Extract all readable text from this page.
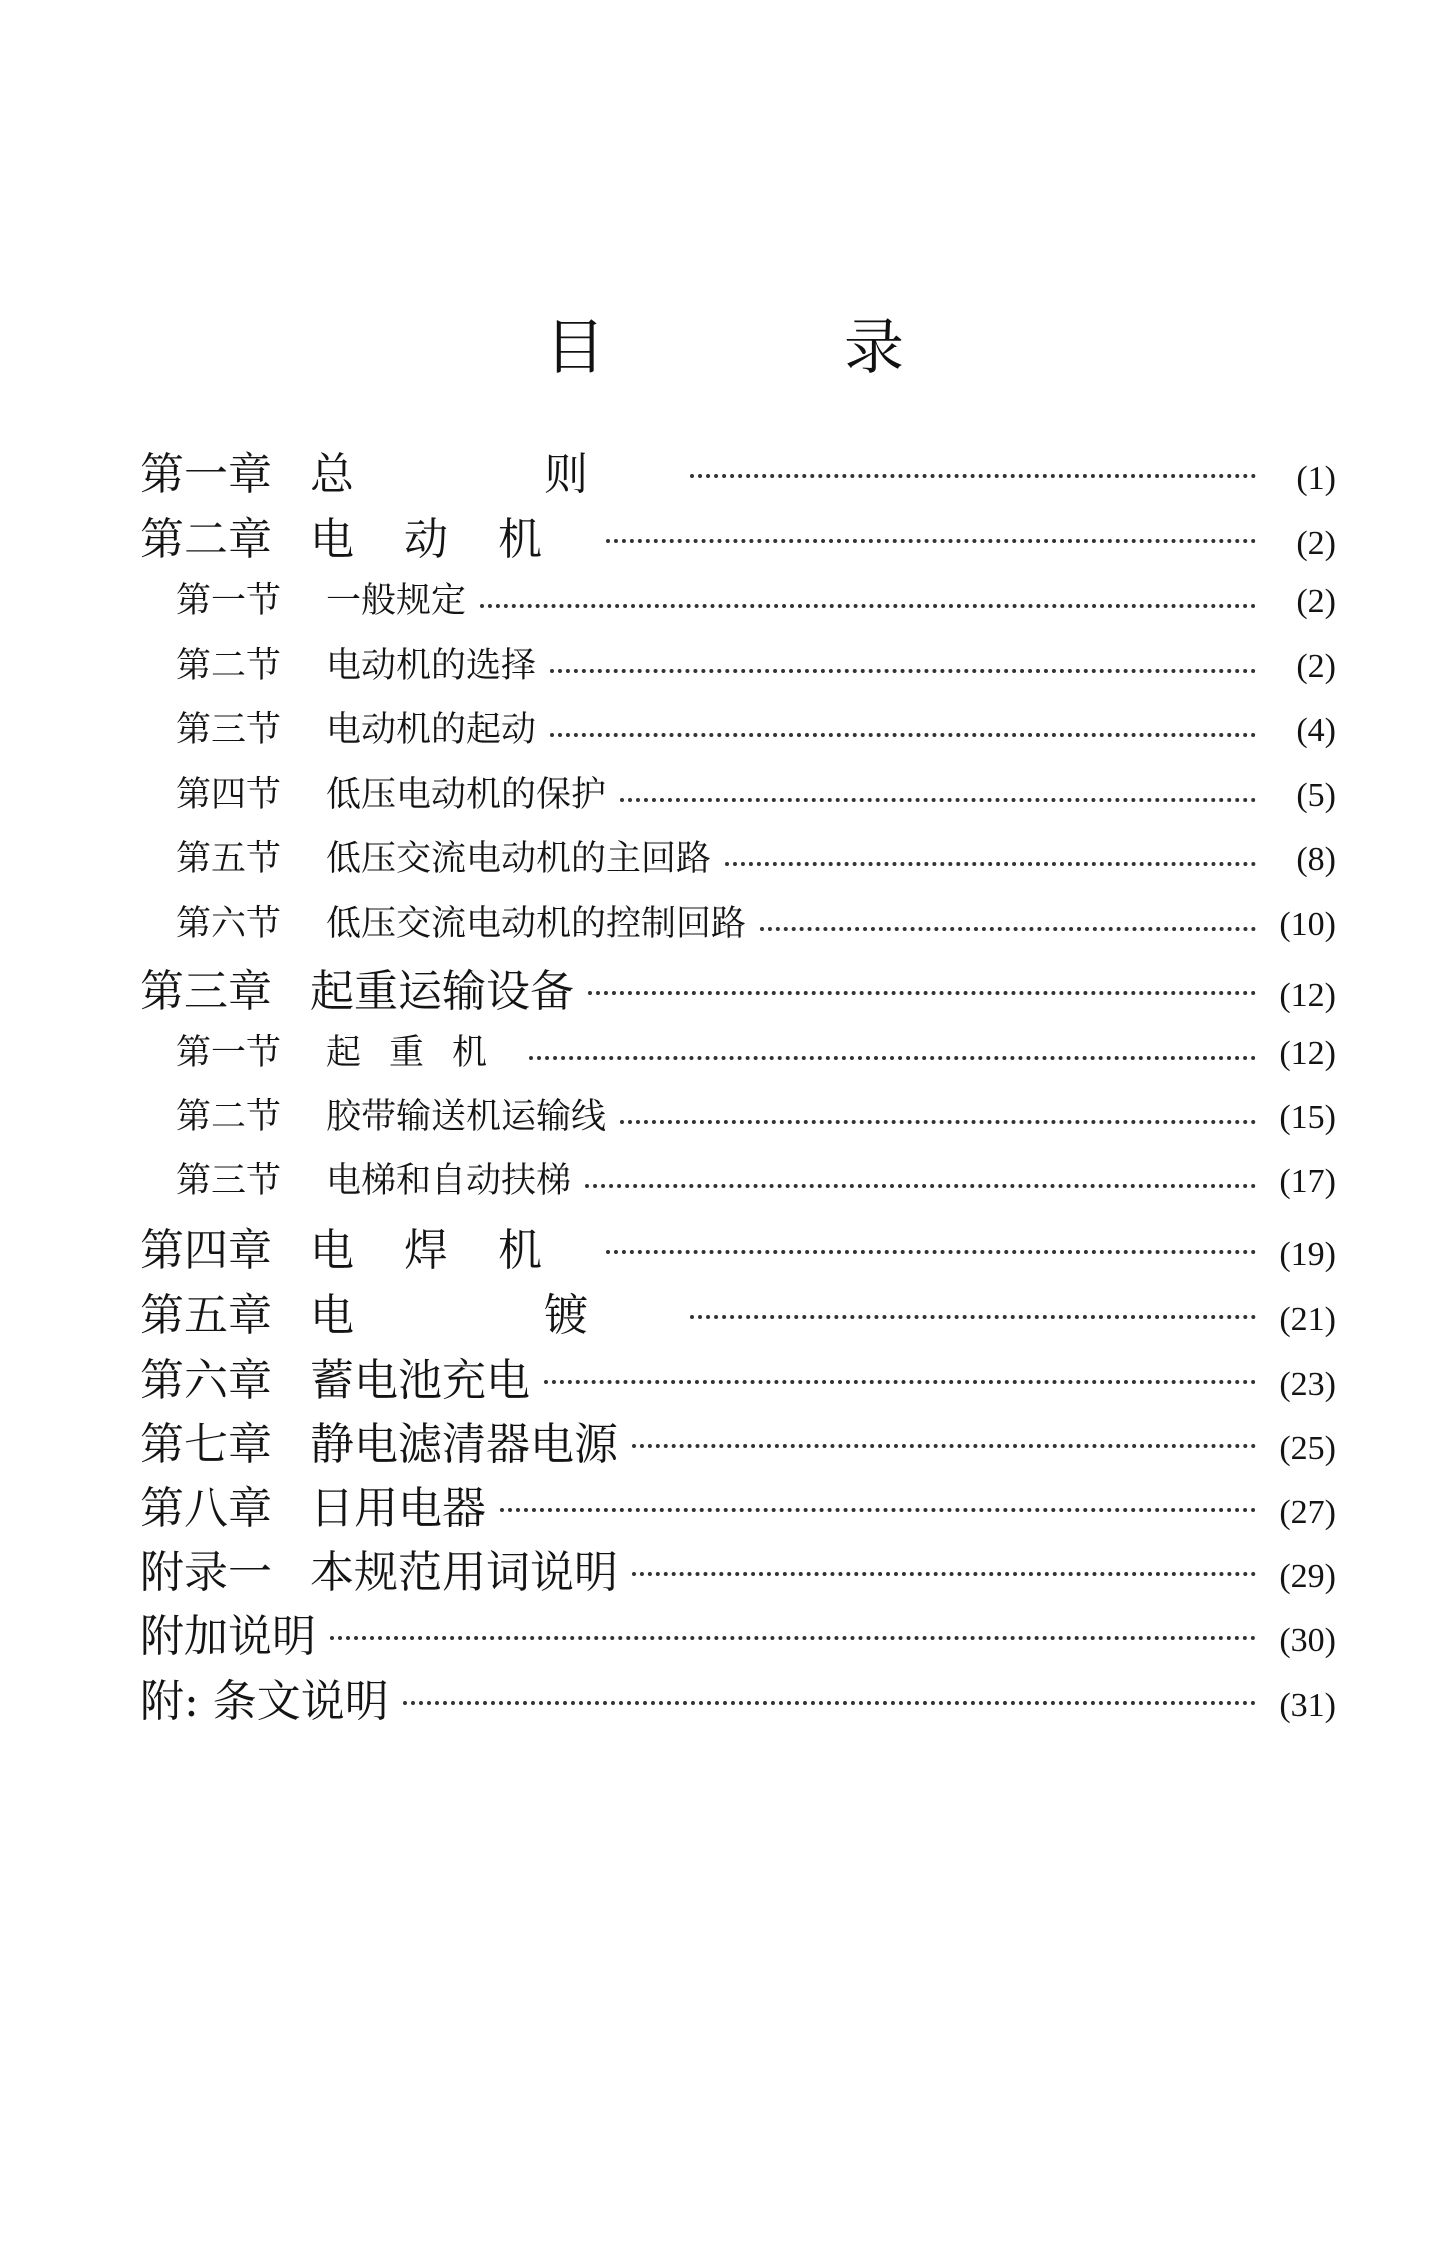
目 录
第一章 总 则	(1)
第二章 电动机	(2)
第一节	一般规定	(2)
第二节	电动机的选择	(2)
第三节	电动机的起动	(4)
第四节	低压电动机的保护	(5)
第五节	低压交流电动机的主回路	(8)
第六节	低压交流电动机的控制回路	(10)
第三章 起重运输设备	(12)
第一节	起重机	(12)
第二节	胶带输送机运输线	(15)
第三节	电梯和自动扶梯	(17)
第四章 电焊机	(19)
第五章 电 镀	(21)
第六章 蓄电池充电	(23)
第七章 静电滤清器电源	(25)
第八章 日用电器	(27)
附录一 本规范用词说明	(29)
附加说明	(30)
附: 条文说明	(31)
